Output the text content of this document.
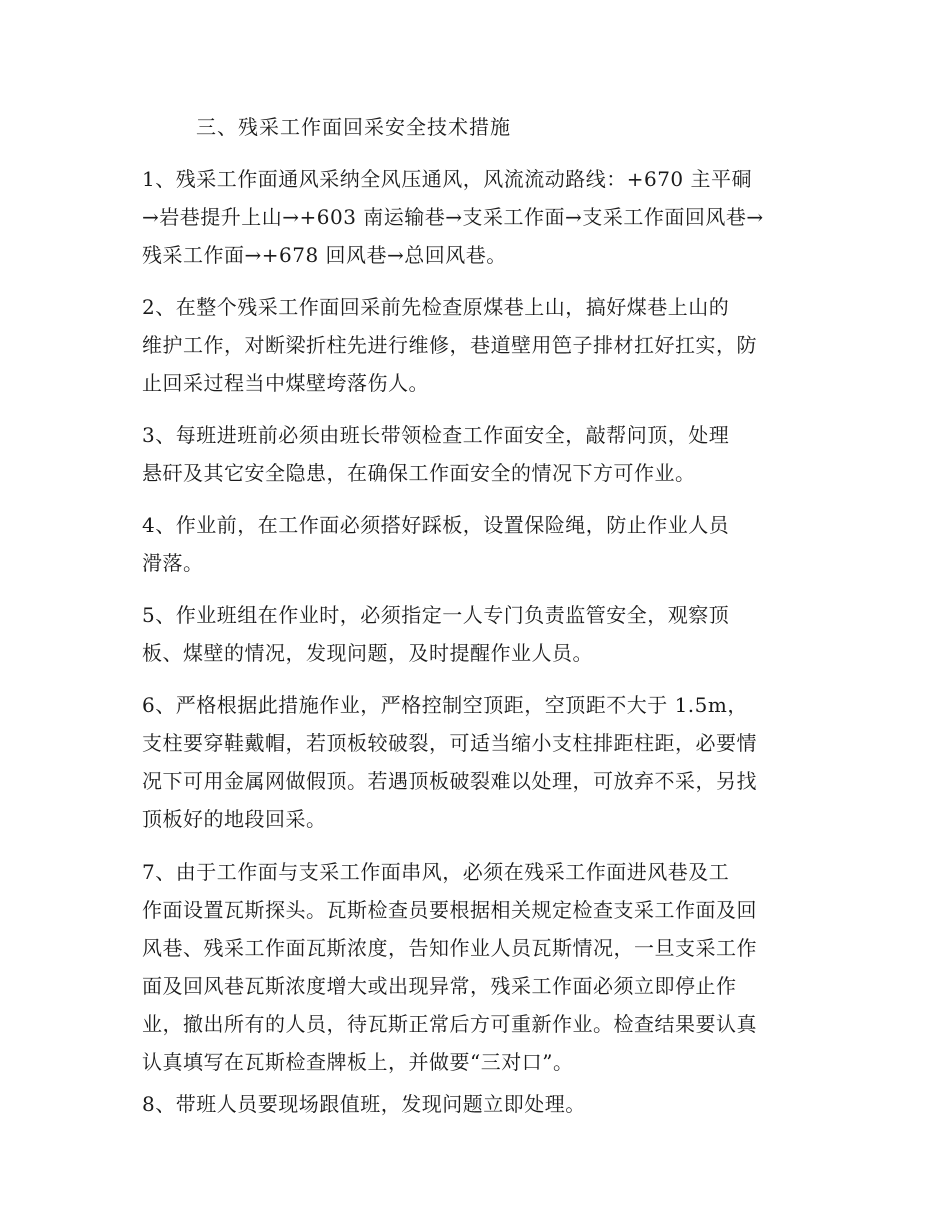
三、残采工作面回采安全技术措施
1、残采工作面通风采纳全风压通风，风流流动路线：+670 主平硐
→岩巷提升上山→+603 南运输巷→支采工作面→支采工作面回风巷→
残采工作面→+678 回风巷→总回风巷。
2、在整个残采工作面回采前先检查原煤巷上山，搞好煤巷上山的
维护工作，对断梁折柱先进行维修，巷道壁用笆子排材扛好扛实，防
止回采过程当中煤壁垮落伤人。
3、每班进班前必须由班长带领检查工作面安全，敲帮问顶，处理
悬矸及其它安全隐患，在确保工作面安全的情况下方可作业。
4、作业前，在工作面必须搭好踩板，设置保险绳，防止作业人员
滑落。
5、作业班组在作业时，必须指定一人专门负责监管安全，观察顶
板、煤壁的情况，发现问题，及时提醒作业人员。
6、严格根据此措施作业，严格控制空顶距，空顶距不大于 1.5m，
支柱要穿鞋戴帽，若顶板较破裂，可适当缩小支柱排距柱距，必要情
况下可用金属网做假顶。若遇顶板破裂难以处理，可放弃不采，另找
顶板好的地段回采。
7、由于工作面与支采工作面串风，必须在残采工作面进风巷及工
作面设置瓦斯探头。瓦斯检查员要根据相关规定检查支采工作面及回
风巷、残采工作面瓦斯浓度，告知作业人员瓦斯情况，一旦支采工作
面及回风巷瓦斯浓度增大或出现异常，残采工作面必须立即停止作
业，撤出所有的人员，待瓦斯正常后方可重新作业。检查结果要认真
认真填写在瓦斯检查牌板上，并做要“三对口”。
8、带班人员要现场跟值班，发现问题立即处理。
